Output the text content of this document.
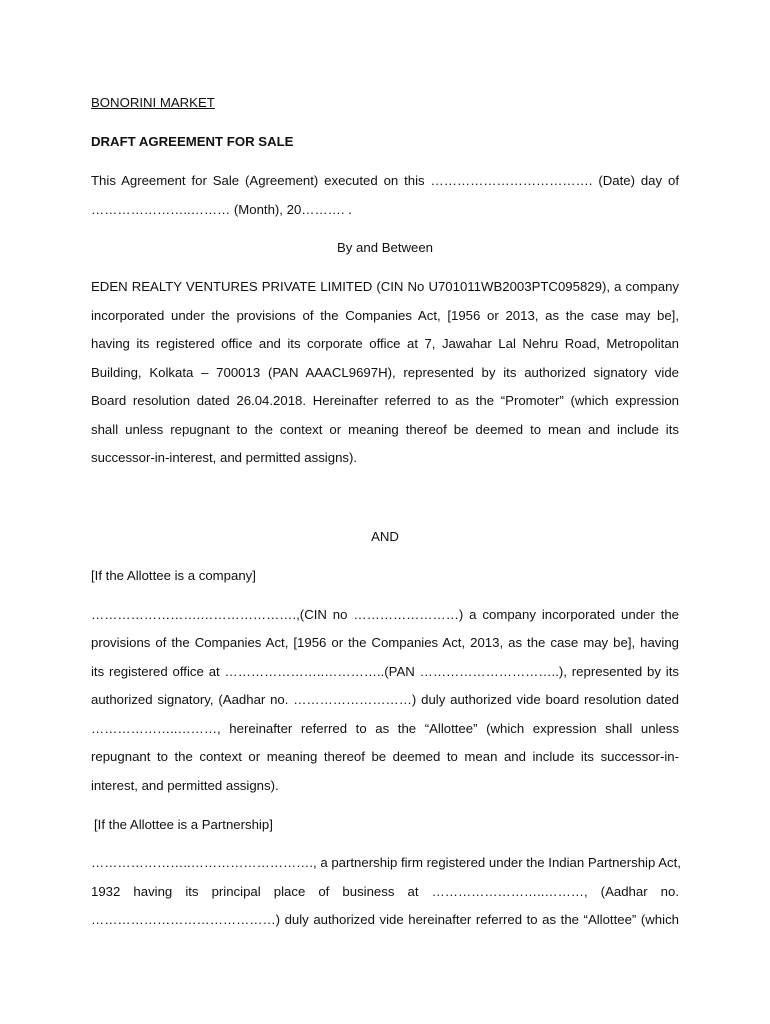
BONORINI MARKET
DRAFT AGREEMENT FOR SALE
This Agreement for Sale (Agreement) executed on this ………………………………. (Date) day of
…………………..……… (Month), 20………. .
By and Between
EDEN REALTY VENTURES PRIVATE LIMITED (CIN No U701011WB2003PTC095829), a company
incorporated under the provisions of the Companies Act, [1956 or 2013, as the case may be],
having its registered office and its corporate office at 7, Jawahar Lal Nehru Road, Metropolitan
Building, Kolkata – 700013 (PAN AAACL9697H), represented by its authorized signatory vide
Board resolution dated 26.04.2018. Hereinafter referred to as the “Promoter” (which expression
shall unless repugnant to the context or meaning thereof be deemed to mean and include its
successor-in-interest, and permitted assigns).
AND
[If the Allottee is a company]
…………………….………………….,(CIN no ……………………) a company incorporated under the
provisions of the Companies Act, [1956 or the Companies Act, 2013, as the case may be], having
its registered office at …………………..…………..(PAN …………………………..), represented by its
authorized signatory, (Aadhar no. ………………………) duly authorized vide board resolution dated
………………..………, hereinafter referred to as the “Allottee” (which expression shall unless
repugnant to the context or meaning thereof be deemed to mean and include its successor-in-
interest, and permitted assigns).
[If the Allottee is a Partnership]
…………………..………………………., a partnership firm registered under the Indian Partnership Act,
1932 having its principal place of business at ……………………..………, (Aadhar no.
……………………………………) duly authorized vide hereinafter referred to as the “Allottee” (which
